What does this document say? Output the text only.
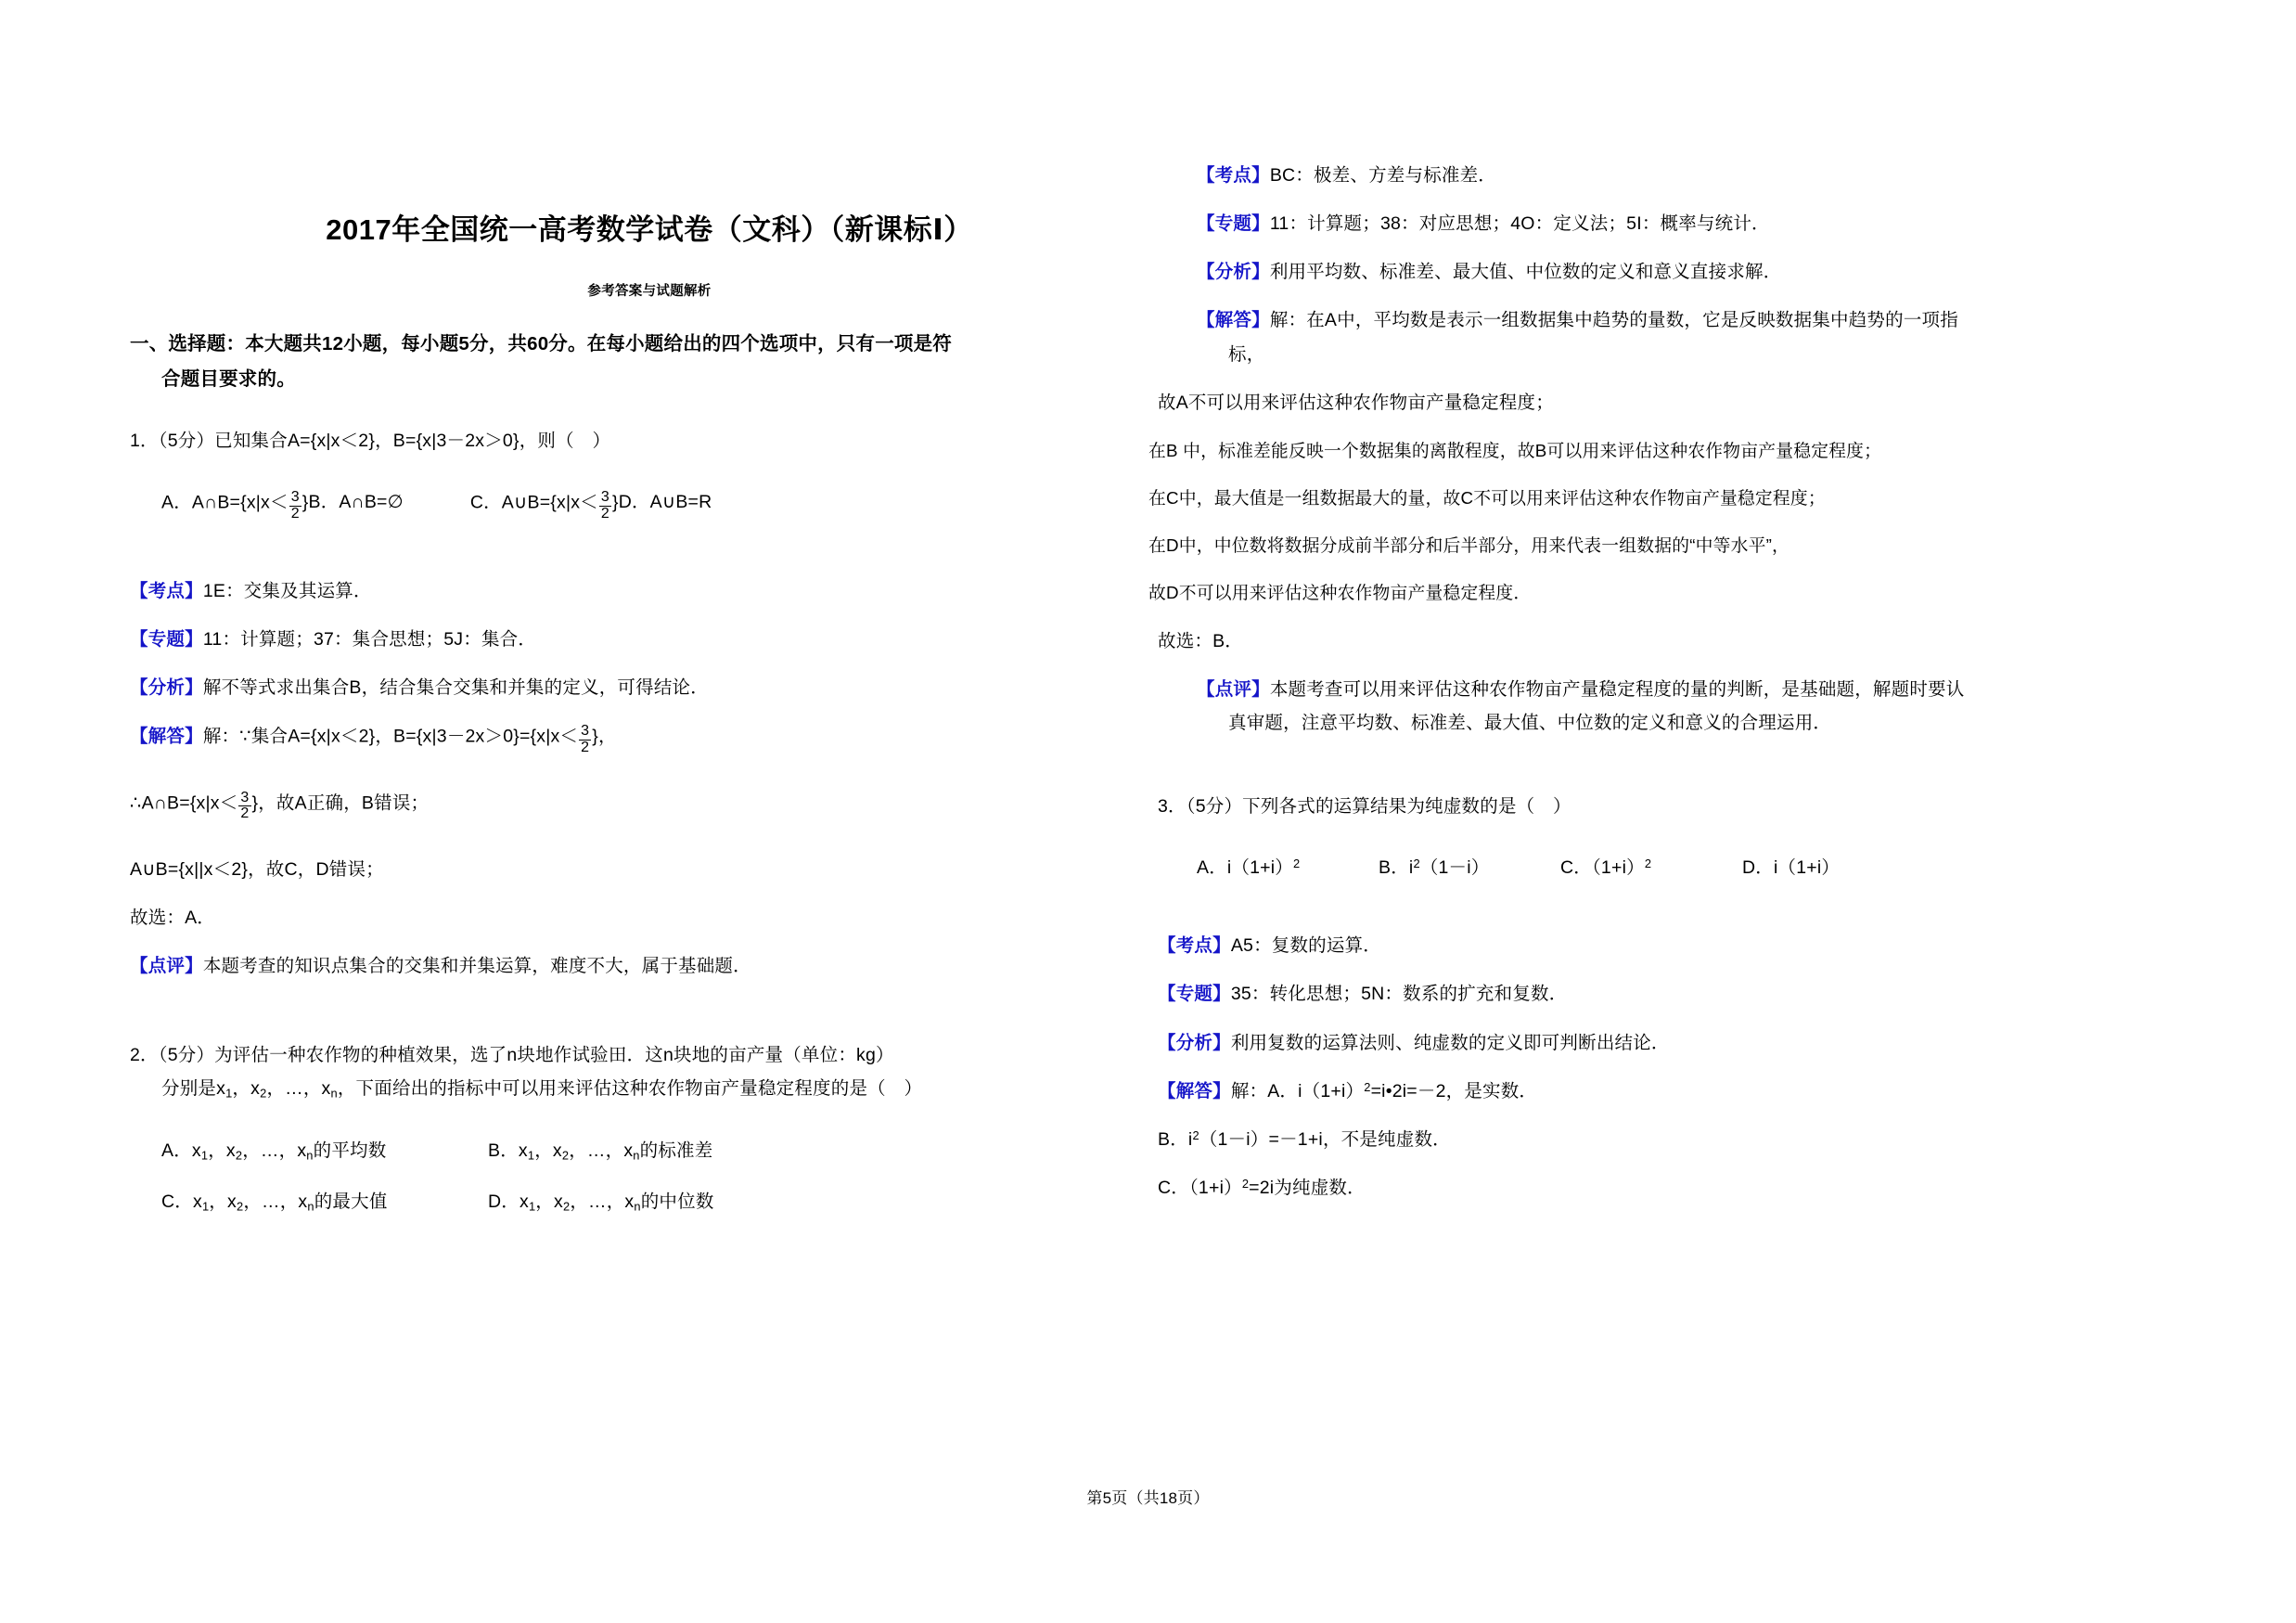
2017年全国统一高考数学试卷（文科）（新课标Ⅰ）
参考答案与试题解析
一、选择题：本大题共12小题，每小题5分，共60分。在每小题给出的四个选项中，只有一项是符
合题目要求的。
1．（5分）已知集合A={x|x＜2}，B={x|3－2x＞0}，则（　）
A．A∩B={x|x＜ $\frac{3}{2}$ } B．A∩B=∅	C．A∪B={x|x＜ $\frac{3}{2}$ } D．A∪B=R
【考点】1E：交集及其运算．
【专题】11：计算题；37：集合思想；5J：集合．
【分析】解不等式求出集合B，结合集合交集和并集的定义，可得结论．
【解答】解：∵集合A={x|x＜2}，$B=\{x|3-2x>0\}=\{x|x< \frac{3}{2}$ }，
∴A∩B={x|x＜ $\frac{3}{2}$ }，故A正确，B错误；
A∪B={x||x＜2}，故C，D错误；
故选：A．
【点评】本题考查的知识点集合的交集和并集运算，难度不大，属于基础题．
2．（5分）为评估一种农作物的种植效果，选了n块地作试验田．这n块地的亩产量（单位：kg）
分别是$x_1$，$x_2$，…，$x_n$，下面给出的指标中可以用来评估这种农作物亩产量稳定程度的是（　）
A．$x_1$，$x_2$，…，$x_n$的平均数	B．$x_1$，$x_2$，…，$x_n$的标准差
C．$x_1$，$x_2$，…，$x_n$的最大值	D．$x_1$，$x_2$，…，$x_n$的中位数
【考点】BC：极差、方差与标准差．
【专题】11：计算题；38：对应思想；4O：定义法；5I：概率与统计．
【分析】利用平均数、标准差、最大值、中位数的定义和意义直接求解．
【解答】解：在A中，平均数是表示一组数据集中趋势的量数，它是反映数据集中趋势的一项指
标，
故A不可以用来评估这种农作物亩产量稳定程度；
在B 中，标准差能反映一个数据集的离散程度，故B可以用来评估这种农作物亩产量稳定程度；
在C中，最大值是一组数据最大的量，故C不可以用来评估这种农作物亩产量稳定程度；
在D中，中位数将数据分成前半部分和后半部分，用来代表一组数据的“中等水平”，
故D不可以用来评估这种农作物亩产量稳定程度．
故选：B．
【点评】本题考查可以用来评估这种农作物亩产量稳定程度的量的判断，是基础题，解题时要认
真审题，注意平均数、标准差、最大值、中位数的定义和意义的合理运用．
3．（5分）下列各式的运算结果为纯虚数的是（　）
A．$i(1+i)^2$	B．$i^2(1-i)$	C．$(1+i)^2$	D．i（1+i）
【考点】A5：复数的运算．
【专题】35：转化思想；5N：数系的扩充和复数．
【分析】利用复数的运算法则、纯虚数的定义即可判断出结论．
【解答】解：A．$i(1+i)^2=i•2i=-2$，是实数．
B．$i^2(1-i)=-1+i$，不是纯虚数．
C．$(1+i)^2=2i$为纯虚数．
第5页（共18页）
